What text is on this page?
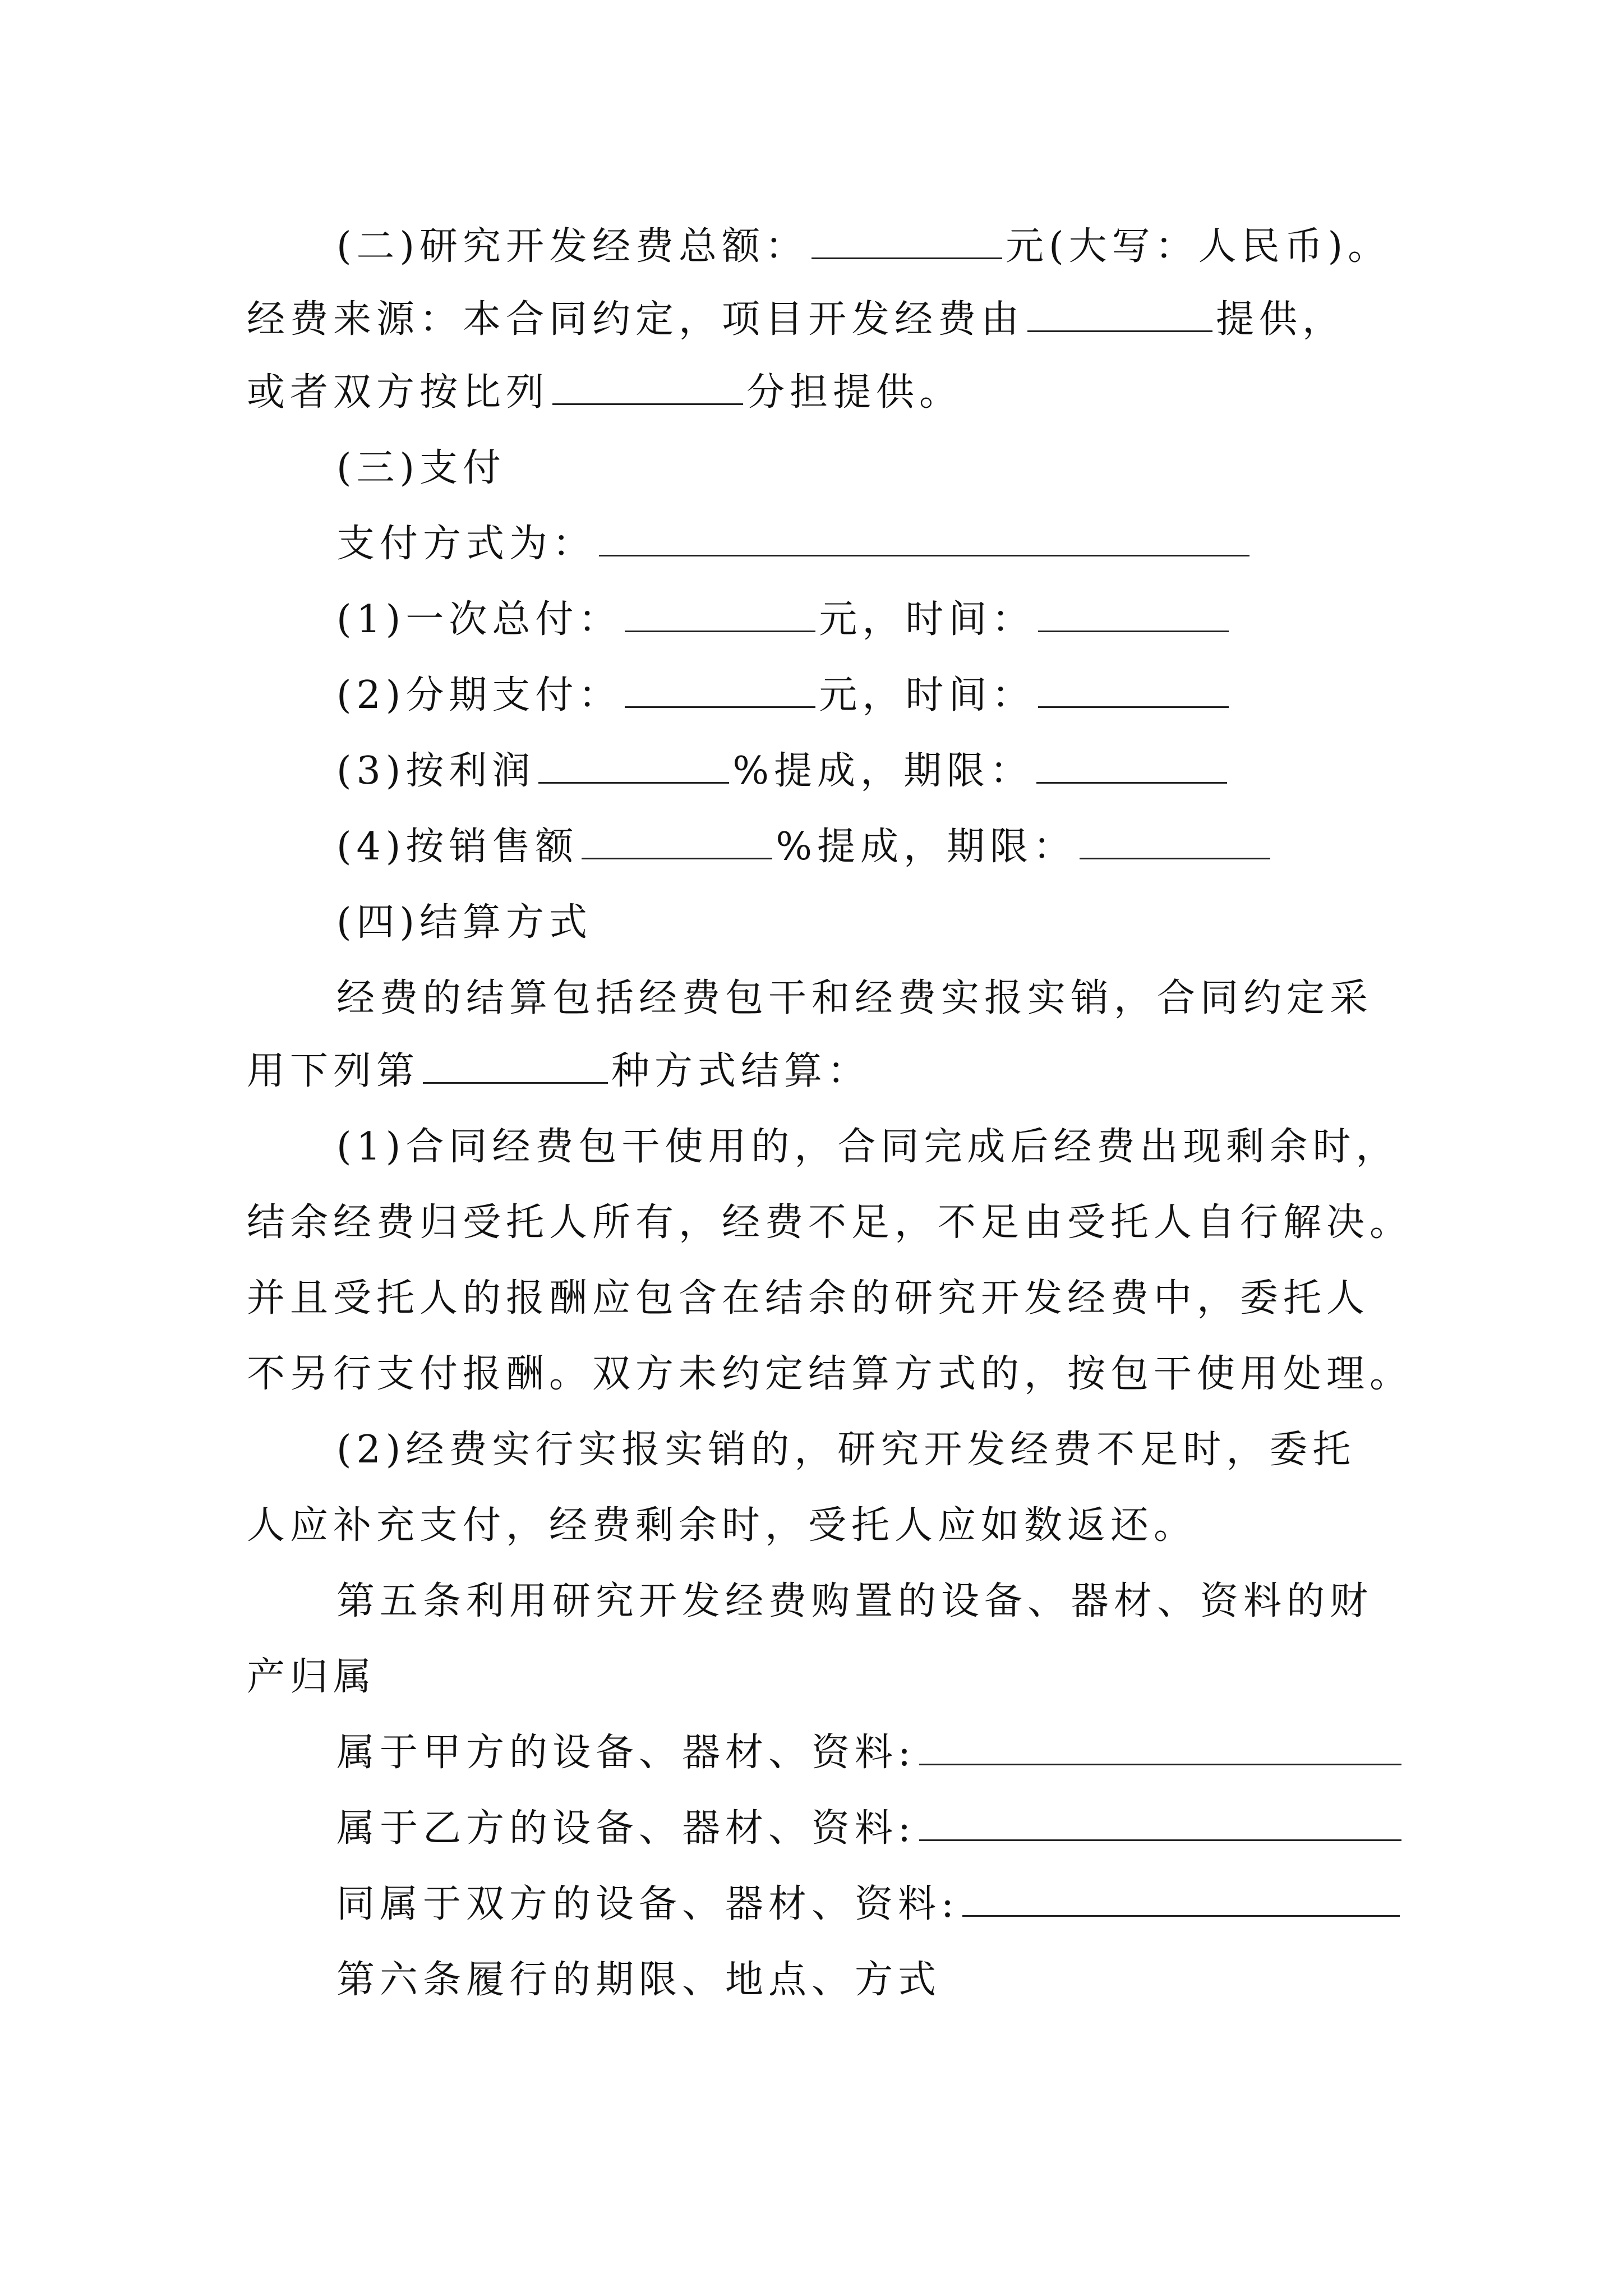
(二)研究开发经费总额：	元(大写：人民币)。
经费来源：本合同约定，项目开发经费由	提供，
或者双方按比列	分担提供。
(三)支付
支付方式为：
(1)一次总付：	元，时间：
(2)分期支付：	元，时间：
(3)按利润	%提成，期限：
(4)按销售额	%提成，期限：
(四)结算方式
经费的结算包括经费包干和经费实报实销，合同约定采
用下列第	种方式结算：
(1)合同经费包干使用的，合同完成后经费出现剩余时，
结余经费归受托人所有，经费不足，不足由受托人自行解决。
并且受托人的报酬应包含在结余的研究开发经费中，委托人
不另行支付报酬。双方未约定结算方式的，按包干使用处理。
(2)经费实行实报实销的，研究开发经费不足时，委托
人应补充支付，经费剩余时，受托人应如数返还。
第五条利用研究开发经费购置的设备、器材、资料的财
产归属
属于甲方的设备、器材、资料:
属于乙方的设备、器材、资料:
同属于双方的设备、器材、资料:
第六条履行的期限、地点、方式
